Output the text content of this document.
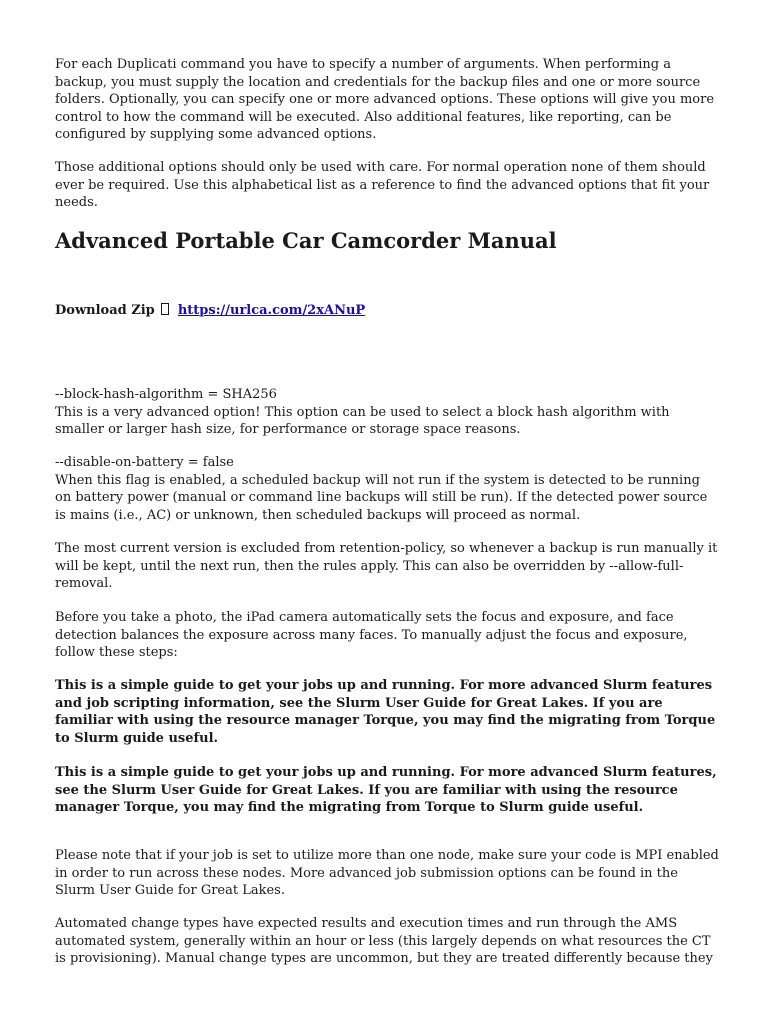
For each Duplicati command you have to specify a number of arguments. When performing a backup, you must supply the location and credentials for the backup files and one or more source folders. Optionally, you can specify one or more advanced options. These options will give you more control to how the command will be executed. Also additional features, like reporting, can be configured by supplying some advanced options.

Those additional options should only be used with care. For normal operation none of them should ever be required. Use this alphabetical list as a reference to find the advanced options that fit your needs.

Advanced Portable Car Camcorder Manual
Download Zip https://urlca.com/2xANuP

--block-hash-algorithm = SHA256

This is a very advanced option! This option can be used to select a block hash algorithm with smaller or larger hash size, for performance or storage space reasons.

--disable-on-battery = false

When this flag is enabled, a scheduled backup will not run if the system is detected to be running on battery power (manual or command line backups will still be run). If the detected power source is mains (i.e., AC) or unknown, then scheduled backups will proceed as normal.

The most current version is excluded from retention-policy, so whenever a backup is run manually it will be kept, until the next run, then the rules apply. This can also be overridden by --allow-full-removal.

Before you take a photo, the iPad camera automatically sets the focus and exposure, and face detection balances the exposure across many faces. To manually adjust the focus and exposure, follow these steps:

This is a simple guide to get your jobs up and running. For more advanced Slurm features and job scripting information, see the Slurm User Guide for Great Lakes. If you are familiar with using the resource manager Torque, you may find the migrating from Torque to Slurm guide useful.

This is a simple guide to get your jobs up and running. For more advanced Slurm features, see the Slurm User Guide for Great Lakes. If you are familiar with using the resource manager Torque, you may find the migrating from Torque to Slurm guide useful.

Please note that if your job is set to utilize more than one node, make sure your code is MPI enabled in order to run across these nodes. More advanced job submission options can be found in the Slurm User Guide for Great Lakes.

Automated change types have expected results and execution times and run through the AMS automated system, generally within an hour or less (this largely depends on what resources the CT is provisioning). Manual change types are uncommon, but they are treated differently because they
